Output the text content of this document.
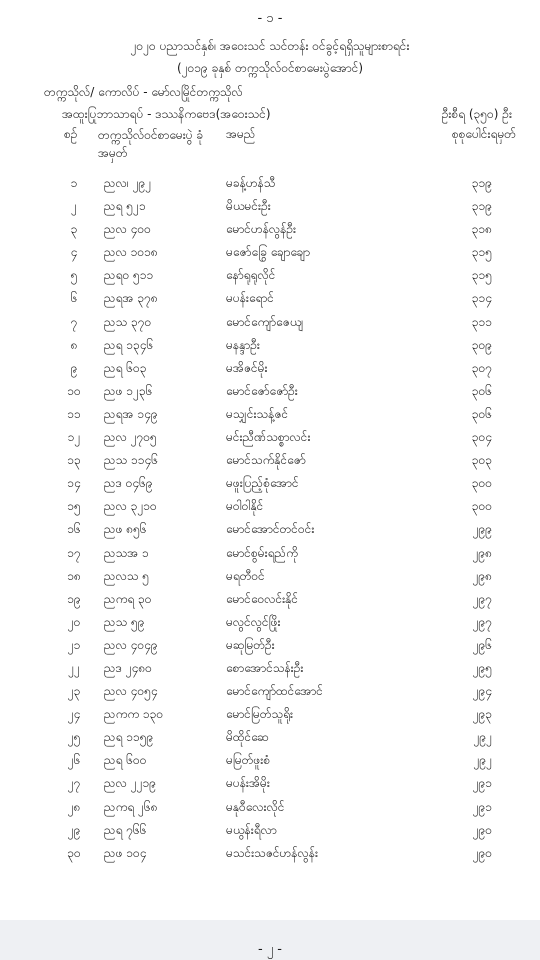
- ၁ -
၂၀၂၀ ပညာသင်နှစ်၊ အဝေးသင် သင်တန်း ဝင်ခွင့်ရရှိသူများစာရင်း
(၂၀၁၉ ခုနှစ် တက္ကသိုလ်ဝင်စာမေးပွဲအောင်)
တက္ကသိုလ်/ ကောလိပ် - မော်လမြိုင်တက္ကသိုလ်
အထူးပြုဘာသာရပ် - ဒဿနိကဗေဒ(အဝေးသင်)	ဦးစီရ (၃၅၀) ဦး
စဉ် တက္ကသိုလ်ဝင်စာမေးပွဲ ခုံအမှတ်
အမည်	စုစုပေါင်းရမှတ်
၁	ညလ၊ ၂၉၂	မခန့်ဟန်သီ	၃၁၉
၂	ညရ ၅၂၁	မိယမင်းဦး	၃၁၉
၃	ညလ ၄၀၀	မောင်ဟန်လွန်ဦး	၃၁၈
၄	ညလ ၁၀၁၈	မဇော်ခြွေ ချောချော	၃၁၅
၅	ညရဝ ၅၁၁	နော်ရုရုလိုင်	၃၁၅
၆	ညရအ ၃၇၈	မပန်းရောင်	၃၁၄
၇	ညသ ၃၇၀	မောင်ကျော်ဇေယျ	၃၁၁
၈	ညရ ၁၃၄၆	မနန္ဒာဦး	၃၀၉
၉	ညရ ၆၀၃	မအိဇင်မိုး	၃၀၇
၁၀	ညဖ ၁၂၃၆	မောင်ဇော်ဇော်ဦး	၃၀၆
၁၁	ညရအ ၁၄၉	မသျှင်းသန့်ဇင်	၃၀၆
၁၂	ညလ ၂၇၀၅	မင်းညီဏ်သစ္စာလင်း	၃၀၄
၁၃	ညသ ၁၁၄၆	မောင်သက်နိုင်ဇော်	၃၀၃
၁၄	ညဒ ၀၄၆၉	မဖူးပြည့်စုံအောင်	၃၀၀
၁၅	ညလ ၃၂၁၀	မဝါဝါနိုင်	၃၀၀
၁၆	ညဖ ၈၅၆	မောင်အောင်တင်ဝင်း	၂၉၉
၁၇	ညသအ ၁	မောင်စွမ်းရည်ကို	၂၉၈
၁၈	ညလသ ၅	မရတီဝင်	၂၉၈
၁၉	ညကရ ၃၀	မောင်ဝေလင်းနိုင်	၂၉၇
၂၀	ညသ ၅၉	မလွင်လွင်ဖြိုး	၂၉၇
၂၁	ညလ ၄၀၄၉	မဆုမြတ်ဦး	၂၉၆
၂၂	ညဒ ၂၄၈၀	စောအောင်သန်းဦး	၂၉၅
၂၃	ညလ ၄၀၅၄	မောင်ကျော်ထင်အောင်	၂၉၄
၂၄	ညကက ၁၃၀	မောင်မြတ်သူရိုး	၂၉၃
၂၅	ညရ ၁၁၅၉	မိထိုင်ဆေ	၂၉၂
၂၆	ညရ ၆၀၀	မမြတ်ဖူးစံ	၂၉၂
၂၇	ညလ ၂၂၁၉	မပန်းအိမိုး	၂၉၁
၂၈	ညကရ ၂၆၈	မနုဝီလေးလိုင်	၂၉၁
၂၉	ညရ ၇၆၆	မယွန်းရီလာ	၂၉၀
၃၀	ညဖ ၁၀၄	မသင်းသဇင်ဟန်လွန်း	၂၉၀
- ၂ -
